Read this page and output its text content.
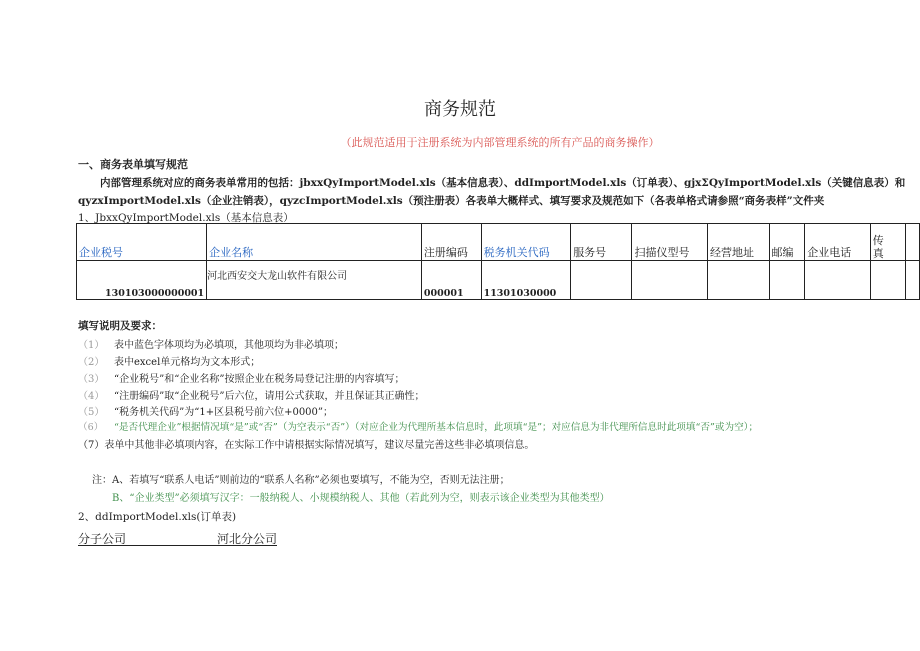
商务规范
（此规范适用于注册系统为内部管理系统的所有产品的商务操作）
一、商务表单填写规范
内部管理系统对应的商务表单常用的包括：jbxxQyImportModel.xls（基本信息表）、ddImportModel.xls（订单表）、gjxΣQyImportModel.xls（关键信息表）和
qyzxImportModel.xls（企业注销表），qyzcImportModel.xls（预注册表）各表单大概样式、填写要求及规范如下（各表单格式请参照“商务表样”文件夹
1、JbxxQyImportModel.xls（基本信息表）
企业税号	企业名称	注册编码	税务机关代码	服务号	扫描仪型号	经营地址	邮编	企业电话	传真	
130103000000001	河北西安交大龙山软件有限公司	000001	11301030000							
填写说明及要求：
（1） 表中蓝色字体项均为必填项，其他项均为非必填项；
（2） 表中excel单元格均为文本形式；
（3） “企业税号”和“企业名称”按照企业在税务局登记注册的内容填写；
（4） “注册编码”取“企业税号”后六位，请用公式获取，并且保证其正确性；
（5） “税务机关代码”为“1+区县税号前六位+0000”；
（6） “是否代理企业”根据情况填“是”或“否”（为空表示“否”）（对应企业为代理所基本信息时，此项填“是”；对应信息为非代理所信息时此项填“否”或为空）；
（7）表单中其他非必填项内容，在实际工作中请根据实际情况填写，建议尽量完善这些非必填项信息。
注：A、若填写“联系人电话”则前边的“联系人名称”必须也要填写，不能为空，否则无法注册；
B、“企业类型”必须填写汉字：一般纳税人、小规模纳税人、其他（若此列为空，则表示该企业类型为其他类型）
2、ddImportModel.xls(订单表)
分子公司	河北分公司
